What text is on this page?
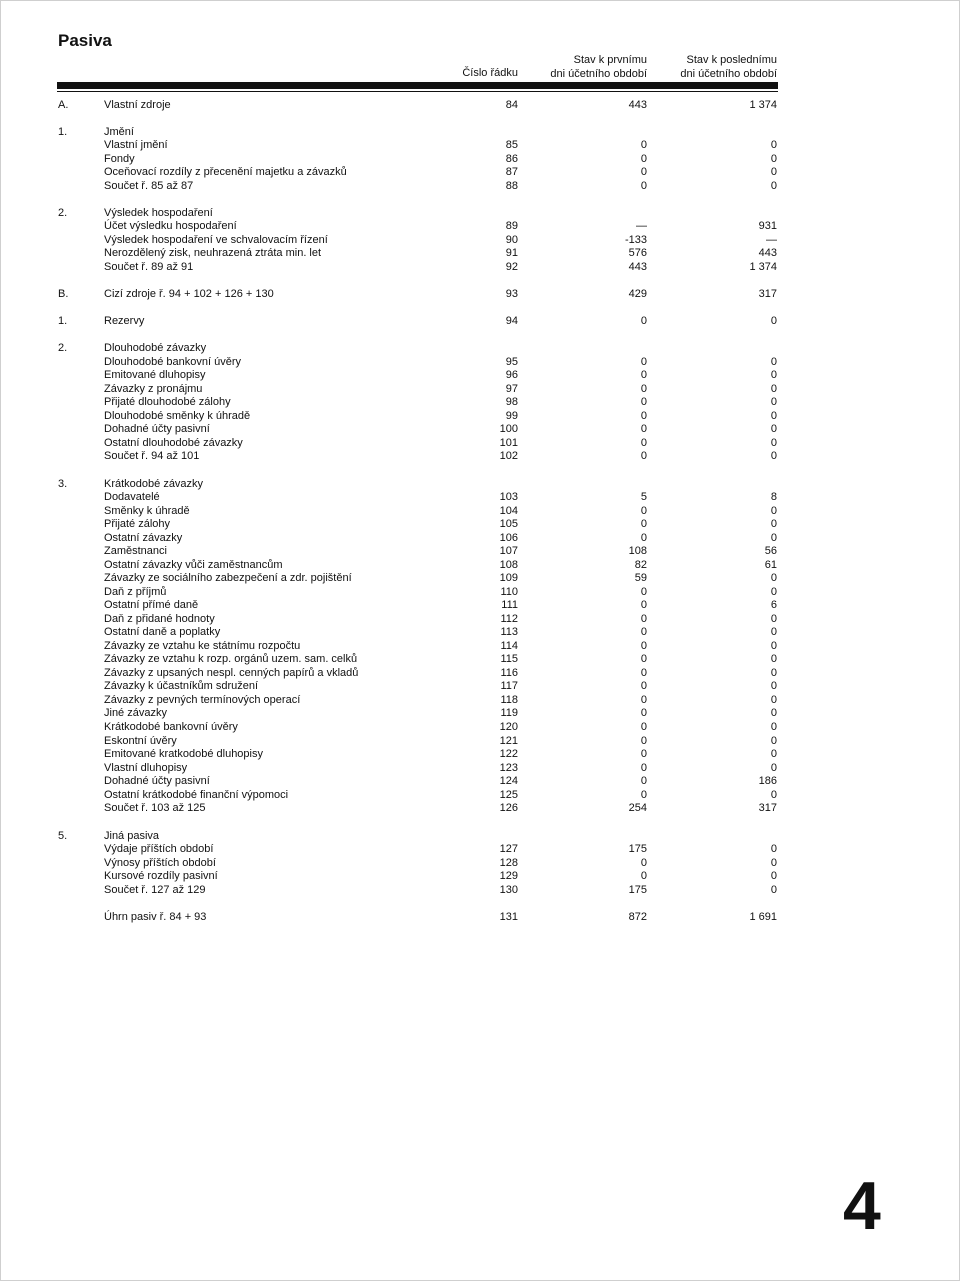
Pasiva
Číslo řádku
Stav k prvnímu
dni účetního období
Stav k poslednímu
dni účetního období
A.	Vlastní zdroje	84	443	1 374
1.	Jmění
Vlastní jmění	85	0	0
Fondy	86	0	0
Oceňovací rozdíly z přecenění majetku a závazků	87	0	0
Součet ř. 85 až 87	88	0	0
2.	Výsledek hospodaření
Účet výsledku hospodaření	89	—	931
Výsledek hospodaření ve schvalovacím řízení	90	-133	—
Nerozdělený zisk, neuhrazená ztráta min. let	91	576	443
Součet ř. 89 až 91	92	443	1 374
B.	Cizí zdroje ř. 94 + 102 + 126 + 130	93	429	317
1.	Rezervy	94	0	0
2.	Dlouhodobé závazky
Dlouhodobé bankovní úvěry	95	0	0
Emitované dluhopisy	96	0	0
Závazky z pronájmu	97	0	0
Přijaté dlouhodobé zálohy	98	0	0
Dlouhodobé směnky k úhradě	99	0	0
Dohadné účty pasivní	100	0	0
Ostatní dlouhodobé závazky	101	0	0
Součet ř. 94 až 101	102	0	0
3.	Krátkodobé závazky
Dodavatelé	103	5	8
Směnky k úhradě	104	0	0
Přijaté zálohy	105	0	0
Ostatní závazky	106	0	0
Zaměstnanci	107	108	56
Ostatní závazky vůči zaměstnancům	108	82	61
Závazky ze sociálního zabezpečení a zdr. pojištění	109	59	0
Daň z příjmů	110	0	0
Ostatní přímé daně	111	0	6
Daň z přidané hodnoty	112	0	0
Ostatní daně a poplatky	113	0	0
Závazky ze vztahu ke státnímu rozpočtu	114	0	0
Závazky ze vztahu k rozp. orgánů uzem. sam. celků	115	0	0
Závazky z upsaných nespl. cenných papírů a vkladů	116	0	0
Závazky k účastníkům sdružení	117	0	0
Závazky z pevných termínových operací	118	0	0
Jiné závazky	119	0	0
Krátkodobé bankovní úvěry	120	0	0
Eskontní úvěry	121	0	0
Emitované kratkodobé dluhopisy	122	0	0
Vlastní dluhopisy	123	0	0
Dohadné účty pasivní	124	0	186
Ostatní krátkodobé finanční výpomoci	125	0	0
Součet ř. 103 až 125	126	254	317
5.	Jiná pasiva
Výdaje příštích období	127	175	0
Výnosy příštích období	128	0	0
Kursové rozdíly pasivní	129	0	0
Součet ř. 127 až 129	130	175	0
Úhrn pasiv ř. 84 + 93	131	872	1 691
4
